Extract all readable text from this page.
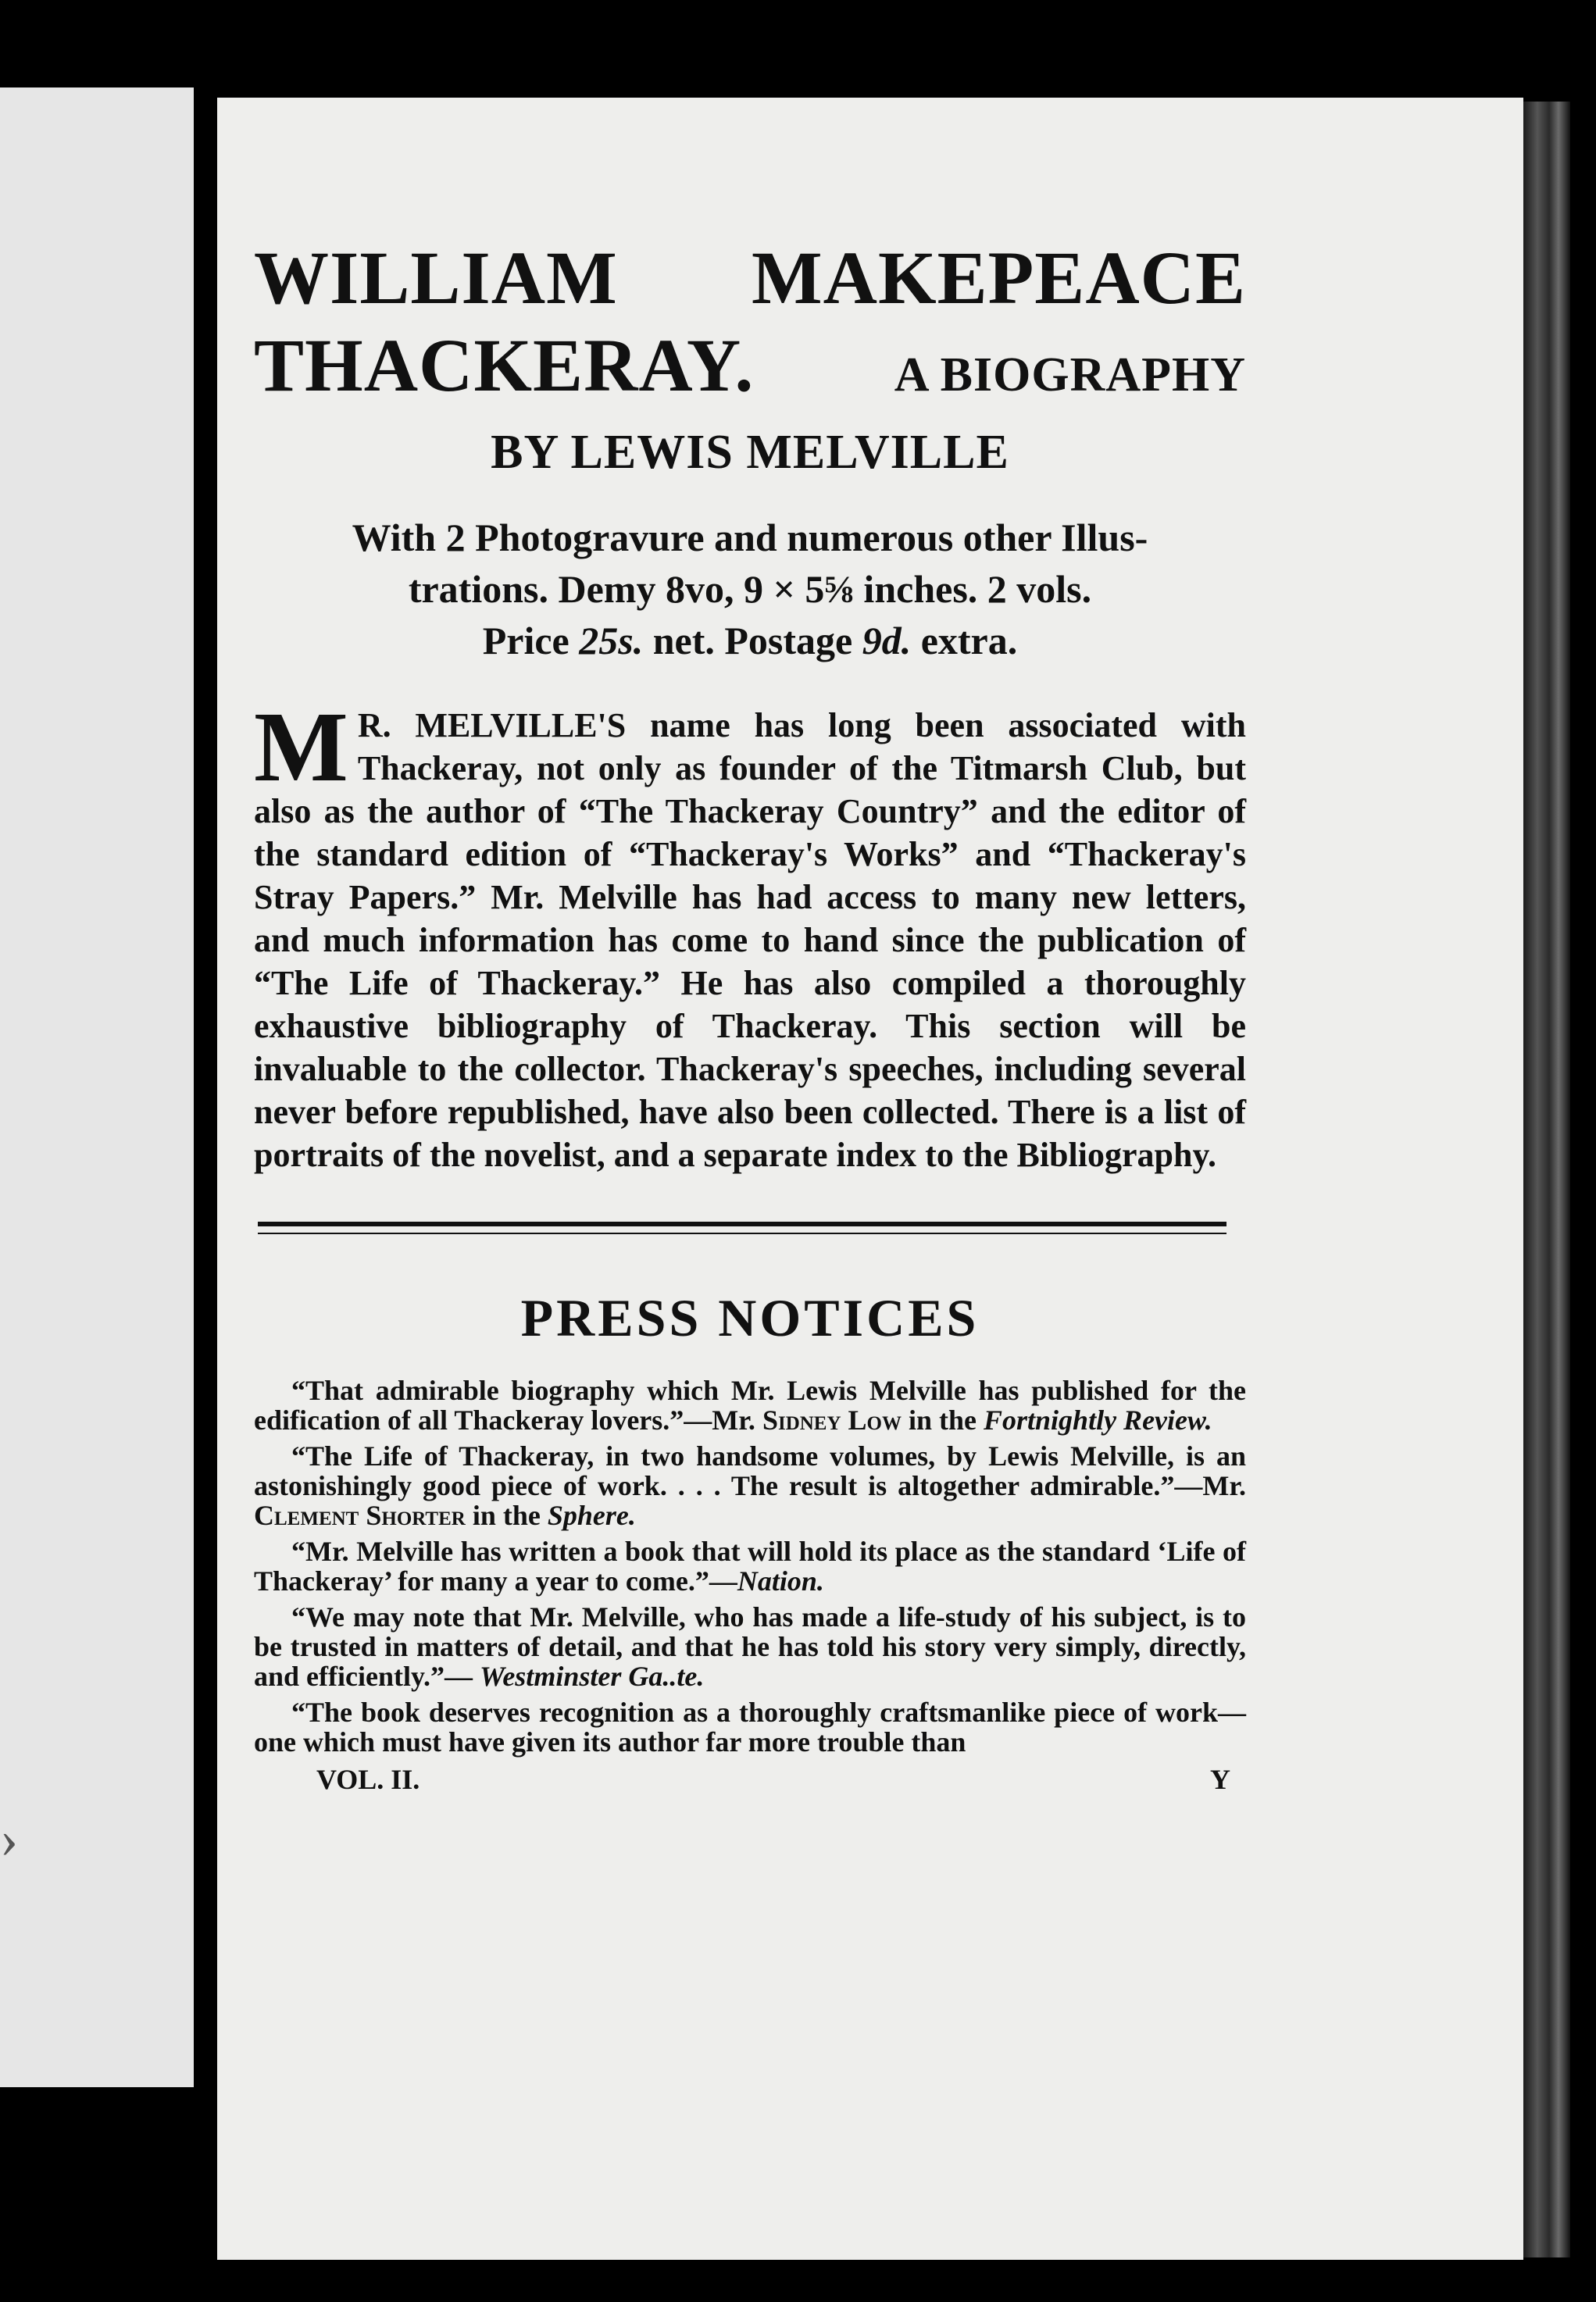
›
WILLIAM MAKEPEACE
THACKERAY.	A BIOGRAPHY
BY LEWIS MELVILLE

With 2 Photogravure and numerous other Illus-

trations. Demy 8vo, 9 × 5⅝ inches. 2 vols.

Price 25s. net. Postage 9d. extra.

M R. MELVILLE'S name has long been associated with Thackeray, not only as founder of the Titmarsh Club, but also as the author of “The Thackeray Country” and the editor of the standard edition of “Thackeray's Works” and “Thackeray's Stray Papers.” Mr. Melville has had access to many new letters, and much information has come to hand since the publication of “The Life of Thackeray.” He has also compiled a thoroughly exhaustive bibliography of Thackeray. This section will be invaluable to the collector. Thackeray's speeches, including several never before republished, have also been collected. There is a list of portraits of the novelist, and a separate index to the Bibliography.
PRESS NOTICES

“That admirable biography which Mr. Lewis Melville has published for the edification of all Thackeray lovers.”—Mr. Sidney Low in the Fortnightly Review.

“The Life of Thackeray, in two handsome volumes, by Lewis Melville, is an astonishingly good piece of work. . . . The result is altogether admirable.”—Mr. Clement Shorter in the Sphere.

“Mr. Melville has written a book that will hold its place as the standard ‘Life of Thackeray’ for many a year to come.”—Nation.

“We may note that Mr. Melville, who has made a life-study of his subject, is to be trusted in matters of detail, and that he has told his story very simply, directly, and efficiently.”— Westminster Ga..te.

“The book deserves recognition as a thoroughly craftsmanlike piece of work—one which must have given its author far more trouble than

VOL. II.	Y
